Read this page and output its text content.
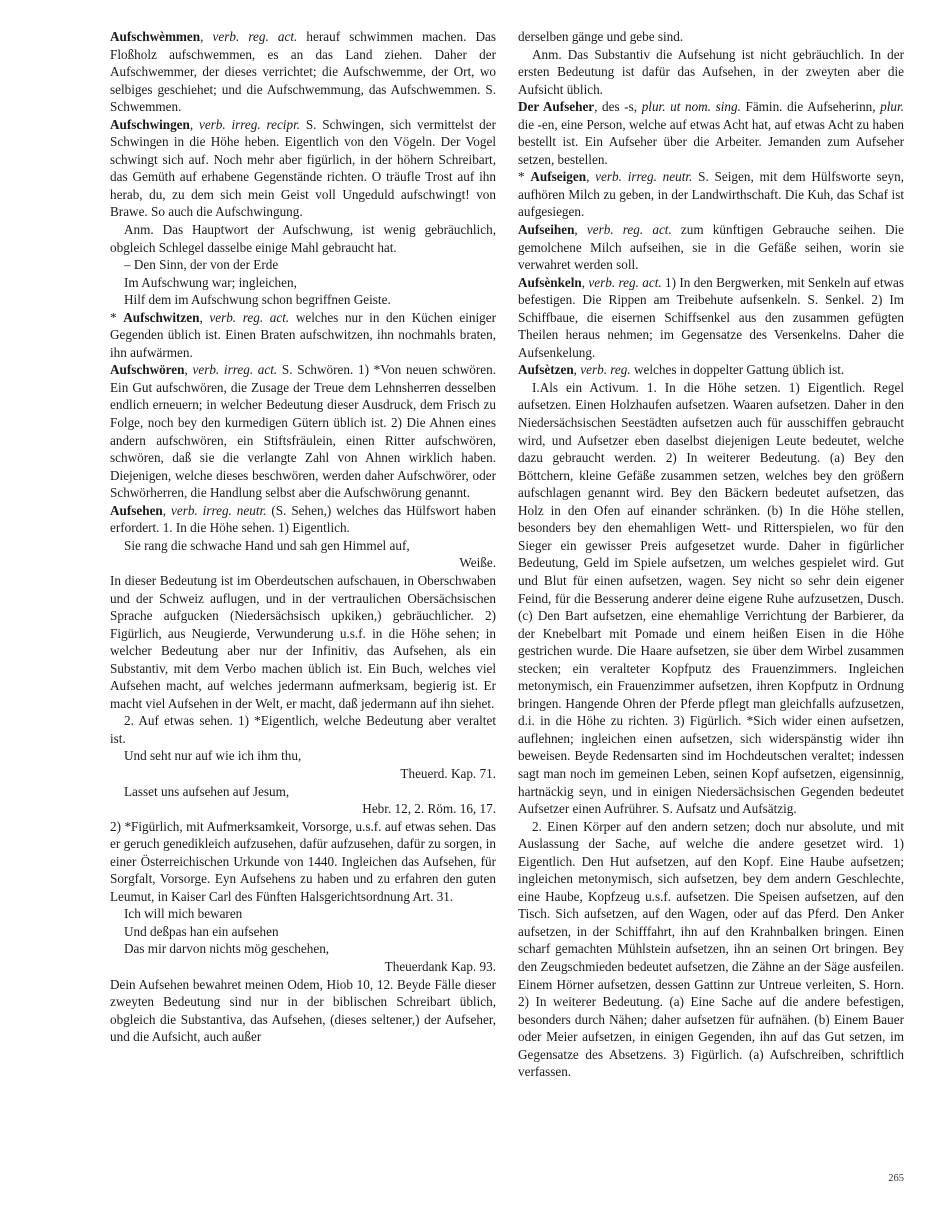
Aufschwèmmen, verb. reg. act. herauf schwimmen machen. Das Floßholz aufschwemmen, es an das Land ziehen. Daher der Aufschwemmer, der dieses verrichtet; die Aufschwemme, der Ort, wo selbiges geschiehet; und die Aufschwemmung, das Aufschwemmen. S. Schwemmen.

Aufschwingen, verb. irreg. recipr. S. Schwingen, sich vermittelst der Schwingen in die Höhe heben. Eigentlich von den Vögeln. Der Vogel schwingt sich auf. Noch mehr aber figürlich, in der höhern Schreibart, das Gemüth auf erhabene Gegenstände richten. O träufle Trost auf ihn herab, du, zu dem sich mein Geist voll Ungeduld aufschwingt! von Brawe. So auch die Aufschwingung.

Anm. Das Hauptwort der Aufschwung, ist wenig gebräuchlich, obgleich Schlegel dasselbe einige Mahl gebraucht hat.

– Den Sinn, der von der Erde

Im Aufschwung war; ingleichen,

Hilf dem im Aufschwung schon begriffnen Geiste.

* Aufschwitzen, verb. reg. act. welches nur in den Küchen einiger Gegenden üblich ist. Einen Braten aufschwitzen, ihn nochmahls braten, ihn aufwärmen.

Aufschwören, verb. irreg. act. S. Schwören. 1) *Von neuen schwören. Ein Gut aufschwören, die Zusage der Treue dem Lehnsherren desselben endlich erneuern; in welcher Bedeutung dieser Ausdruck, dem Frisch zu Folge, noch bey den kurmedigen Gütern üblich ist. 2) Die Ahnen eines andern aufschwören, ein Stiftsfräulein, einen Ritter aufschwören, schwören, daß sie die verlangte Zahl von Ahnen wirklich haben. Diejenigen, welche dieses beschwören, werden daher Aufschwörer, oder Schwörherren, die Handlung selbst aber die Aufschwörung genannt.

Aufsehen, verb. irreg. neutr. (S. Sehen,) welches das Hülfswort haben erfordert. 1. In die Höhe sehen. 1) Eigentlich.

Sie rang die schwache Hand und sah gen Himmel auf,

Weiße.

In dieser Bedeutung ist im Oberdeutschen aufschauen, in Oberschwaben und der Schweiz auflugen, und in der vertraulichen Obersächsischen Sprache aufgucken (Niedersächsisch upkiken,) gebräuchlicher. 2) Figürlich, aus Neugierde, Verwunderung u.s.f. in die Höhe sehen; in welcher Bedeutung aber nur der Infinitiv, das Aufsehen, als ein Substantiv, mit dem Verbo machen üblich ist. Ein Buch, welches viel Aufsehen macht, auf welches jedermann aufmerksam, begierig ist. Er macht viel Aufsehen in der Welt, er macht, daß jedermann auf ihn siehet.

2. Auf etwas sehen. 1) *Eigentlich, welche Bedeutung aber veraltet ist.

Und seht nur auf wie ich ihm thu,

Theuerd. Kap. 71.

Lasset uns aufsehen auf Jesum,

Hebr. 12, 2. Röm. 16, 17.

2) *Figürlich, mit Aufmerksamkeit, Vorsorge, u.s.f. auf etwas sehen. Das er geruch genedikleich aufzusehen, dafür aufzusehen, dafür zu sorgen, in einer Österreichischen Urkunde von 1440. Ingleichen das Aufsehen, für Sorgfalt, Vorsorge. Eyn Aufsehens zu haben und zu erfahren den guten Leumut, in Kaiser Carl des Fünften Halsgerichtsordnung Art. 31.

Ich will mich bewaren

Und deßpas han ein aufsehen

Das mir darvon nichts mög geschehen,

Theuerdank Kap. 93.

Dein Aufsehen bewahret meinen Odem, Hiob 10, 12. Beyde Fälle dieser zweyten Bedeutung sind nur in der biblischen Schreibart üblich, obgleich die Substantiva, das Aufsehen, (dieses seltener,) der Aufseher, und die Aufsicht, auch außer

derselben gänge und gebe sind.

Anm. Das Substantiv die Aufsehung ist nicht gebräuchlich. In der ersten Bedeutung ist dafür das Aufsehen, in der zweyten aber die Aufsicht üblich.

Der Aufseher, des -s, plur. ut nom. sing. Fämin. die Aufseherinn, plur. die -en, eine Person, welche auf etwas Acht hat, auf etwas Acht zu haben bestellt ist. Ein Aufseher über die Arbeiter. Jemanden zum Aufseher setzen, bestellen.

* Aufseigen, verb. irreg. neutr. S. Seigen, mit dem Hülfsworte seyn, aufhören Milch zu geben, in der Landwirthschaft. Die Kuh, das Schaf ist aufgesiegen.

Aufseihen, verb. reg. act. zum künftigen Gebrauche seihen. Die gemolchene Milch aufseihen, sie in die Gefäße seihen, worin sie verwahret werden soll.

Aufsènkeln, verb. reg. act. 1) In den Bergwerken, mit Senkeln auf etwas befestigen. Die Rippen am Treibehute aufsenkeln. S. Senkel. 2) Im Schiffbaue, die eisernen Schiffsenkel aus den zusammen gefügten Theilen heraus nehmen; im Gegensatze des Versenkelns. Daher die Aufsenkelung.

Aufsètzen, verb. reg. welches in doppelter Gattung üblich ist.

I.Als ein Activum. 1. In die Höhe setzen. 1) Eigentlich. Regel aufsetzen. Einen Holzhaufen aufsetzen. Waaren aufsetzen. Daher in den Niedersächsischen Seestädten aufsetzen auch für ausschiffen gebraucht wird, und Aufsetzer eben daselbst diejenigen Leute bedeutet, welche dazu gebraucht werden. 2) In weiterer Bedeutung. (a) Bey den Böttchern, kleine Gefäße zusammen setzen, welches bey den größern aufschlagen genannt wird. Bey den Bäckern bedeutet aufsetzen, das Holz in den Ofen auf einander schränken. (b) In die Höhe stellen, besonders bey den ehemahligen Wett- und Ritterspielen, wo für den Sieger ein gewisser Preis aufgesetzet wurde. Daher in figürlicher Bedeutung, Geld im Spiele aufsetzen, um welches gespielet wird. Gut und Blut für einen aufsetzen, wagen. Sey nicht so sehr dein eigener Feind, für die Besserung anderer deine eigene Ruhe aufzusetzen, Dusch. (c) Den Bart aufsetzen, eine ehemahlige Verrichtung der Barbierer, da der Knebelbart mit Pomade und einem heißen Eisen in die Höhe gestrichen wurde. Die Haare aufsetzen, sie über dem Wirbel zusammen stecken; ein veralteter Kopfputz des Frauenzimmers. Ingleichen metonymisch, ein Frauenzimmer aufsetzen, ihren Kopfputz in Ordnung bringen. Hangende Ohren der Pferde pflegt man gleichfalls aufzusetzen, d.i. in die Höhe zu richten. 3) Figürlich. *Sich wider einen aufsetzen, auflehnen; ingleichen einen aufsetzen, sich widerspänstig wider ihn beweisen. Beyde Redensarten sind im Hochdeutschen veraltet; indessen sagt man noch im gemeinen Leben, seinen Kopf aufsetzen, eigensinnig, hartnäckig seyn, und in einigen Niedersächsischen Gegenden bedeutet Aufsetzer einen Aufrührer. S. Aufsatz und Aufsätzig.

2. Einen Körper auf den andern setzen; doch nur absolute, und mit Auslassung der Sache, auf welche die andere gesetzet wird. 1) Eigentlich. Den Hut aufsetzen, auf den Kopf. Eine Haube aufsetzen; ingleichen metonymisch, sich aufsetzen, bey dem andern Geschlechte, eine Haube, Kopfzeug u.s.f. aufsetzen. Die Speisen aufsetzen, auf den Tisch. Sich aufsetzen, auf den Wagen, oder auf das Pferd. Den Anker aufsetzen, in der Schifffahrt, ihn auf den Krahnbalken bringen. Einen scharf gemachten Mühlstein aufsetzen, ihn an seinen Ort bringen. Bey den Zeugschmieden bedeutet aufsetzen, die Zähne an der Säge ausfeilen. Einem Hörner aufsetzen, dessen Gattinn zur Untreue verleiten, S. Horn. 2) In weiterer Bedeutung. (a) Eine Sache auf die andere befestigen, besonders durch Nähen; daher aufsetzen für aufnähen. (b) Einem Bauer oder Meier aufsetzen, in einigen Gegenden, ihn auf das Gut setzen, im Gegensatze des Absetzens. 3) Figürlich. (a) Aufschreiben, schriftlich verfassen.

265
